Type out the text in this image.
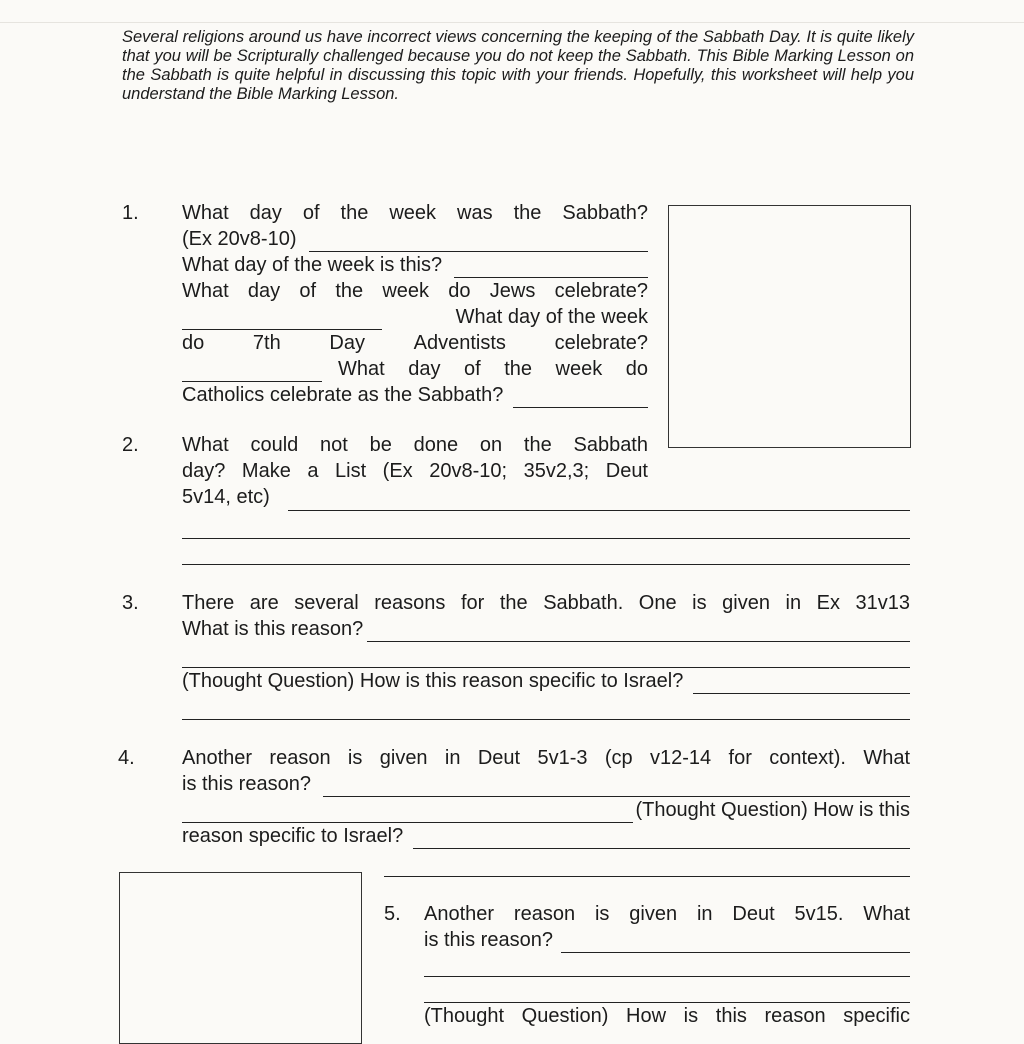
Several religions around us have incorrect views concerning the keeping of the Sabbath Day. It is quite likely that you will be Scripturally challenged because you do not keep the Sabbath. This Bible Marking Lesson on the Sabbath is quite helpful in discussing this topic with your friends. Hopefully, this worksheet will help you understand the Bible Marking Lesson.

1. What day of the week was the Sabbath?
(Ex 20v8-10)
What day of the week is this?
What day of the week do Jews celebrate?
What day of the week
do 7th Day Adventists celebrate?
What day of the week do
Catholics celebrate as the Sabbath?
2. What could not be done on the Sabbath
day? Make a List (Ex 20v8-10; 35v2,3; Deut
5v14, etc)
3. There are several reasons for the Sabbath. One is given in Ex 31v13
What is this reason?
(Thought Question) How is this reason specific to Israel?
4. Another reason is given in Deut 5v1-3 (cp v12-14 for context). What
is this reason?
(Thought Question) How is this
reason specific to Israel?
5. Another reason is given in Deut 5v15. What
is this reason?
(Thought Question) How is this reason specific
